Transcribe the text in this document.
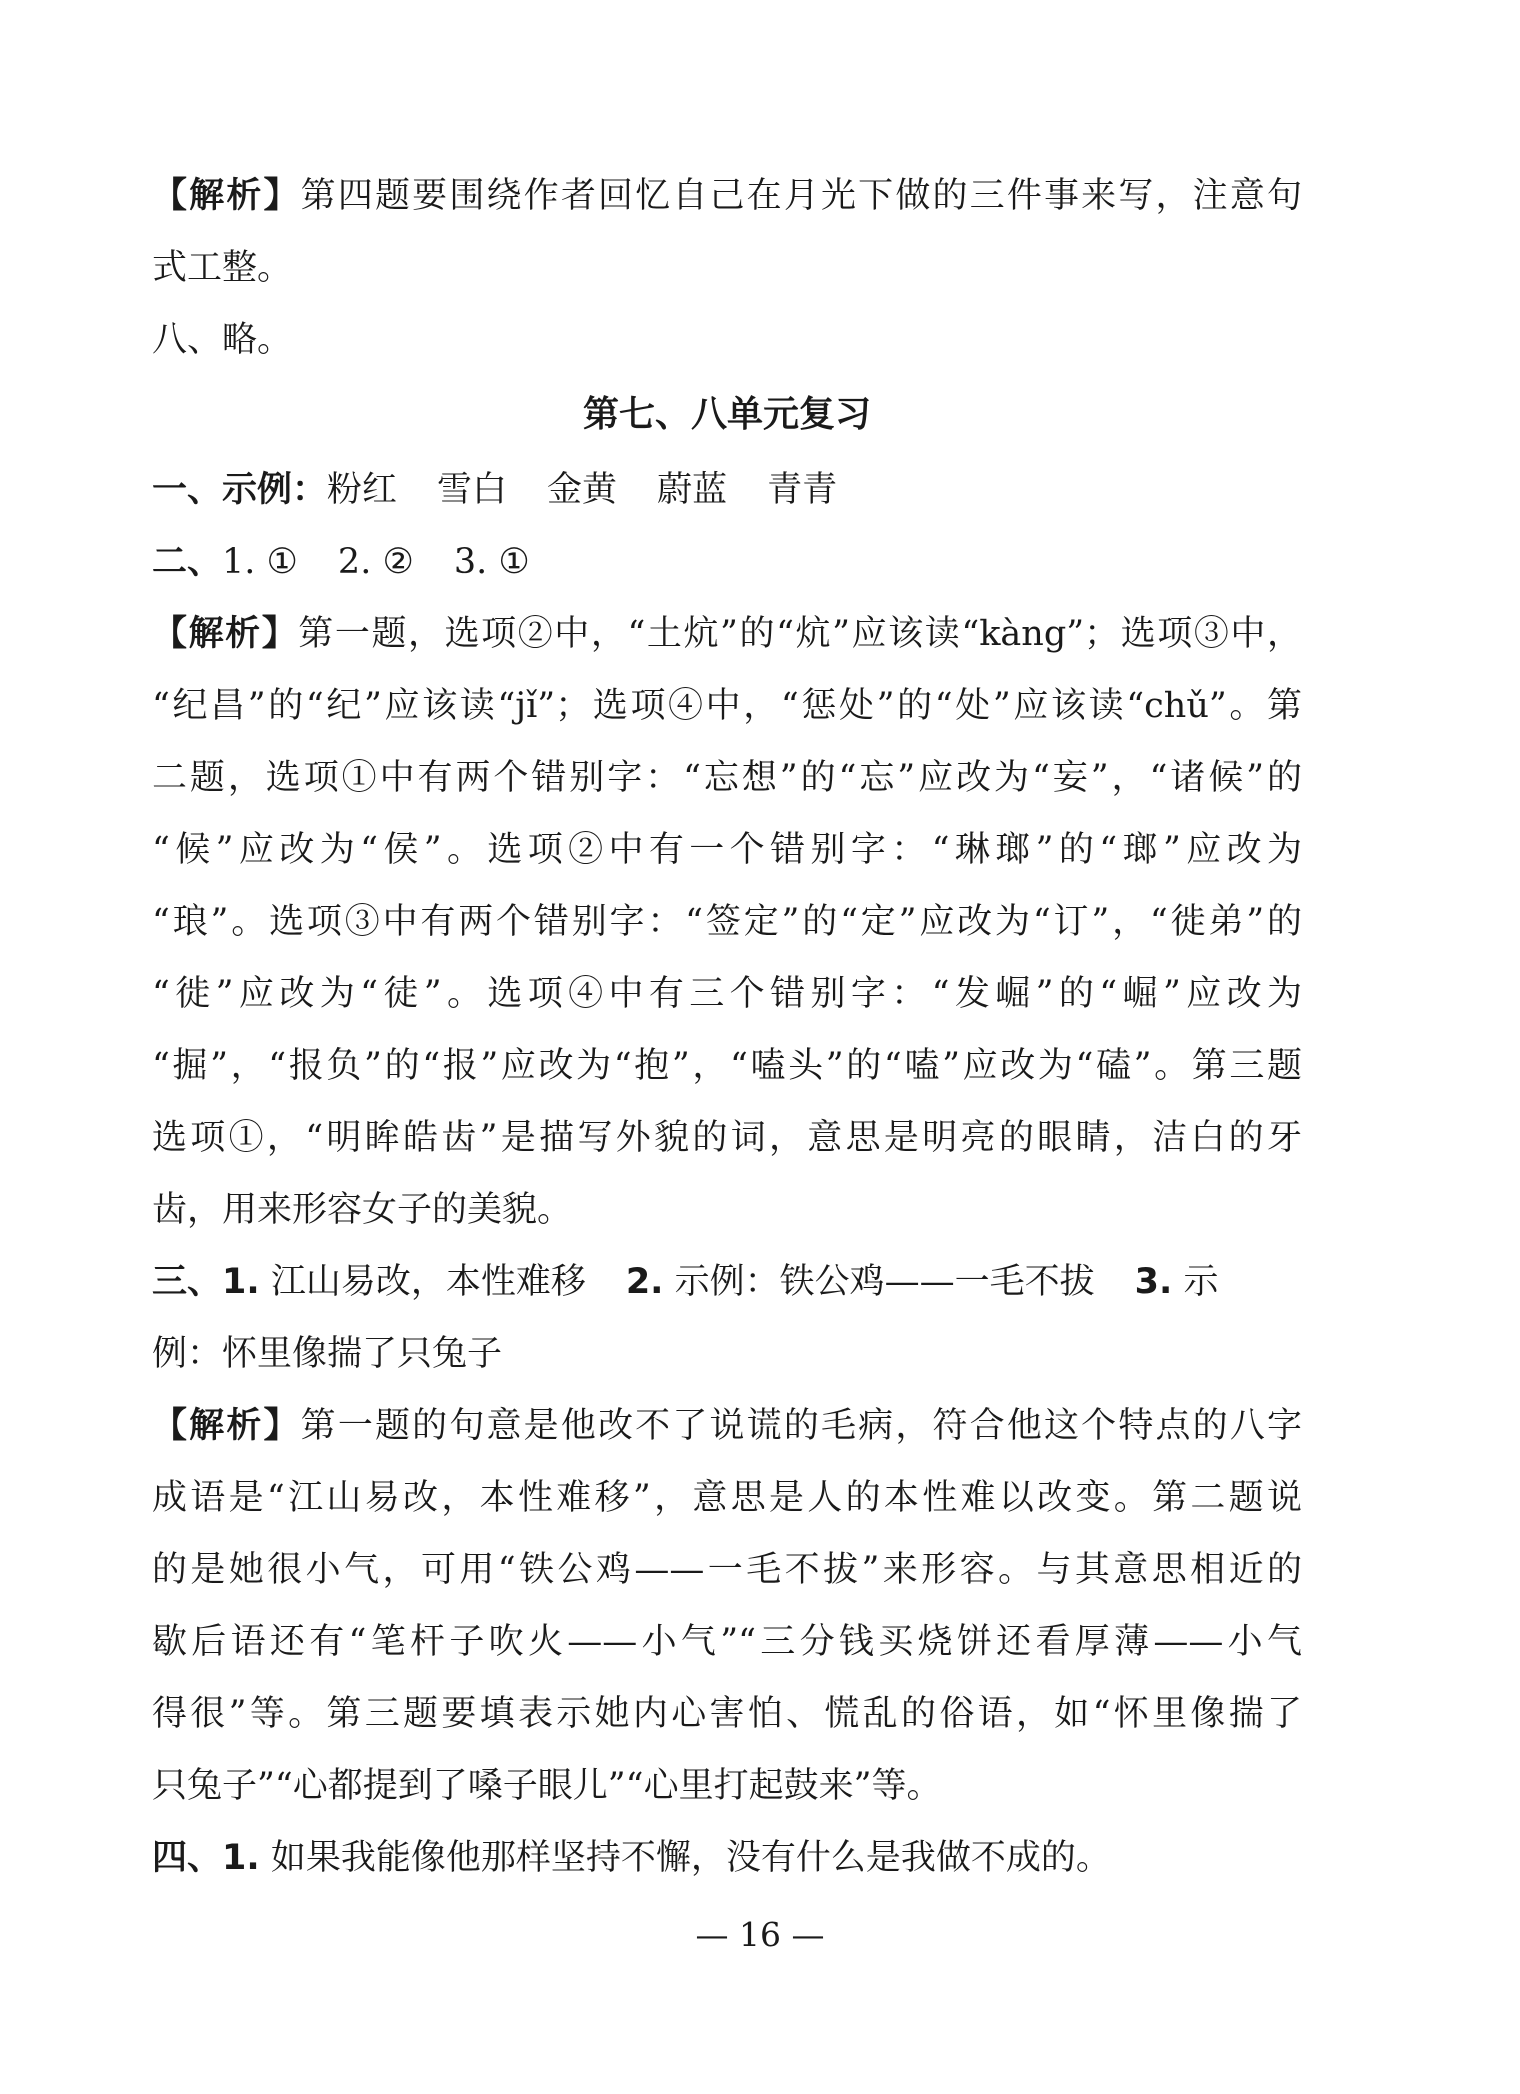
【解析】第四题要围绕作者回忆自己在月光下做的三件事来写，注意句
式工整。
八、略。
第七、八单元复习
一、示例：粉红 雪白 金黄 蔚蓝 青青
二、1. ① 2. ② 3. ①
【解析】第一题，选项②中，“土炕”的“炕”应该读“kàng”；选项③中，
“纪昌”的“纪”应该读“jǐ”；选项④中，“惩处”的“处”应该读“chǔ”。第
二题，选项①中有两个错别字：“忘想”的“忘”应改为“妄”，“诸候”的
“候”应改为“侯”。选项②中有一个错别字：“琳瑯”的“瑯”应改为
“琅”。选项③中有两个错别字：“签定”的“定”应改为“订”，“徙弟”的
“徙”应改为“徒”。选项④中有三个错别字：“发崛”的“崛”应改为
“掘”，“报负”的“报”应改为“抱”，“嗑头”的“嗑”应改为“磕”。第三题
选项①，“明眸皓齿”是描写外貌的词，意思是明亮的眼睛，洁白的牙
齿，用来形容女子的美貌。
三、1. 江山易改，本性难移 2. 示例：铁公鸡——一毛不拔 3. 示
例：怀里像揣了只兔子
【解析】第一题的句意是他改不了说谎的毛病，符合他这个特点的八字
成语是“江山易改，本性难移”，意思是人的本性难以改变。第二题说
的是她很小气，可用“铁公鸡——一毛不拔”来形容。与其意思相近的
歇后语还有“笔杆子吹火——小气”“三分钱买烧饼还看厚薄——小气
得很”等。第三题要填表示她内心害怕、慌乱的俗语，如“怀里像揣了
只兔子”“心都提到了嗓子眼儿”“心里打起鼓来”等。
四、1. 如果我能像他那样坚持不懈，没有什么是我做不成的。
— 16 —
